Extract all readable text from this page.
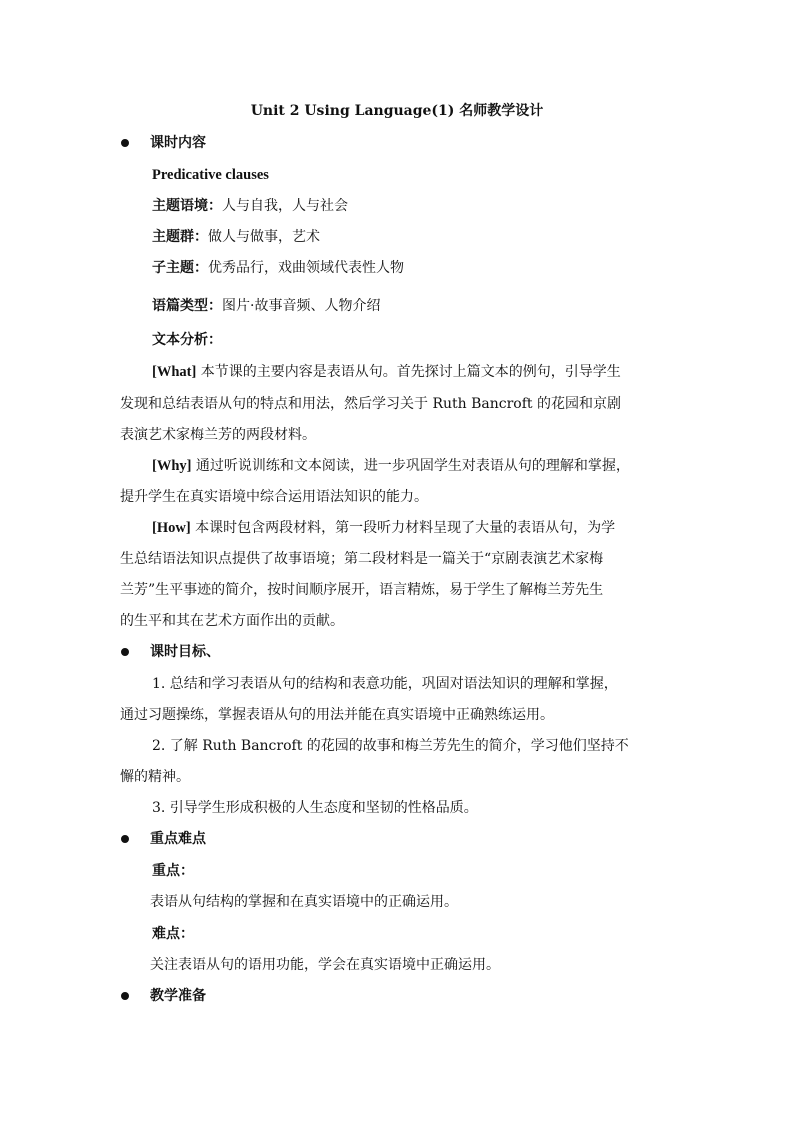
Unit 2 Using Language(1) 名师教学设计
课时内容
Predicative clauses
主题语境：人与自我，人与社会
主题群：做人与做事，艺术
子主题：优秀品行，戏曲领域代表性人物
语篇类型：图片·故事音频、人物介绍
文本分析：
[What] 本节课的主要内容是表语从句。首先探讨上篇文本的例句，引导学生
发现和总结表语从句的特点和用法，然后学习关于 Ruth Bancroft 的花园和京剧
表演艺术家梅兰芳的两段材料。
[Why] 通过听说训练和文本阅读，进一步巩固学生对表语从句的理解和掌握，
提升学生在真实语境中综合运用语法知识的能力。
[How] 本课时包含两段材料，第一段听力材料呈现了大量的表语从句，为学
生总结语法知识点提供了故事语境；第二段材料是一篇关于“京剧表演艺术家梅
兰芳”生平事迹的简介，按时间顺序展开，语言精炼，易于学生了解梅兰芳先生
的生平和其在艺术方面作出的贡献。
课时目标、
1. 总结和学习表语从句的结构和表意功能，巩固对语法知识的理解和掌握，
通过习题操练，掌握表语从句的用法并能在真实语境中正确熟练运用。
2. 了解 Ruth Bancroft 的花园的故事和梅兰芳先生的简介，学习他们坚持不
懈的精神。
3. 引导学生形成积极的人生态度和坚韧的性格品质。
重点难点
重点：
表语从句结构的掌握和在真实语境中的正确运用。
难点：
关注表语从句的语用功能，学会在真实语境中正确运用。
教学准备
